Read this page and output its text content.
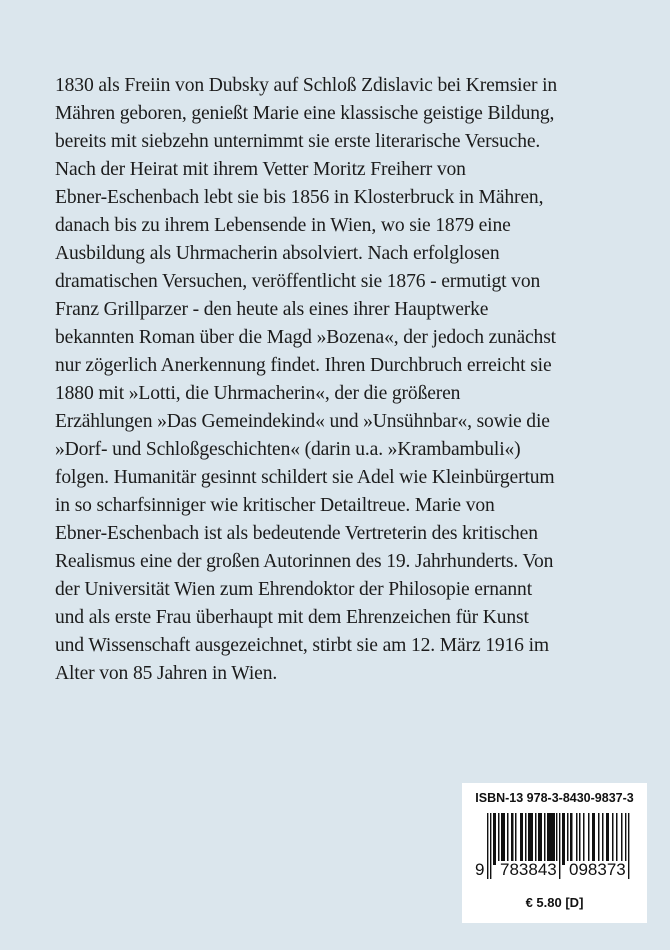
1830 als Freiin von Dubsky auf Schloß Zdislavic bei Kremsier in
Mähren geboren, genießt Marie eine klassische geistige Bildung,
bereits mit siebzehn unternimmt sie erste literarische Versuche.
Nach der Heirat mit ihrem Vetter Moritz Freiherr von
Ebner-Eschenbach lebt sie bis 1856 in Klosterbruck in Mähren,
danach bis zu ihrem Lebensende in Wien, wo sie 1879 eine
Ausbildung als Uhrmacherin absolviert. Nach erfolglosen
dramatischen Versuchen, veröffentlicht sie 1876 - ermutigt von
Franz Grillparzer - den heute als eines ihrer Hauptwerke
bekannten Roman über die Magd »Bozena«, der jedoch zunächst
nur zögerlich Anerkennung findet. Ihren Durchbruch erreicht sie
1880 mit »Lotti, die Uhrmacherin«, der die größeren
Erzählungen »Das Gemeindekind« und »Unsühnbar«, sowie die
»Dorf- und Schloßgeschichten« (darin u.a. »Krambambuli«)
folgen. Humanitär gesinnt schildert sie Adel wie Kleinbürgertum
in so scharfsinniger wie kritischer Detailtreue. Marie von
Ebner-Eschenbach ist als bedeutende Vertreterin des kritischen
Realismus eine der großen Autorinnen des 19. Jahrhunderts. Von
der Universität Wien zum Ehrendoktor der Philosopie ernannt
und als erste Frau überhaupt mit dem Ehrenzeichen für Kunst
und Wissenschaft ausgezeichnet, stirbt sie am 12. März 1916 im
Alter von 85 Jahren in Wien.
ISBN-13 978-3-8430-9837-3
9 783843 098373
€ 5.80 [D]
